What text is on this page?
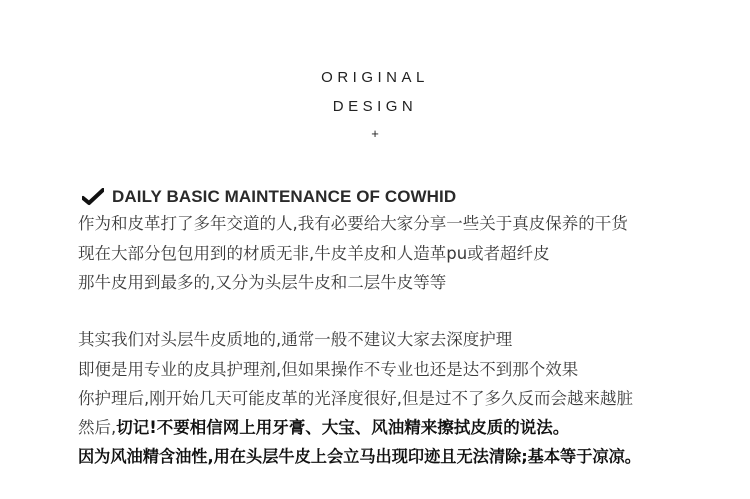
ORIGINAL
DESIGN
+
DAILY BASIC MAINTENANCE OF COWHID
作为和皮革打了多年交道的人,我有必要给大家分享一些关于真皮保养的干货
现在大部分包包用到的材质无非,牛皮羊皮和人造革pu或者超纤皮
那牛皮用到最多的,又分为头层牛皮和二层牛皮等等
其实我们对头层牛皮质地的,通常一般不建议大家去深度护理
即便是用专业的皮具护理剂,但如果操作不专业也还是达不到那个效果
你护理后,刚开始几天可能皮革的光泽度很好,但是过不了多久反而会越来越脏
然后,切记!不要相信网上用牙膏、大宝、风油精来擦拭皮质的说法。
因为风油精含油性,用在头层牛皮上会立马出现印迹且无法清除;基本等于凉凉。
